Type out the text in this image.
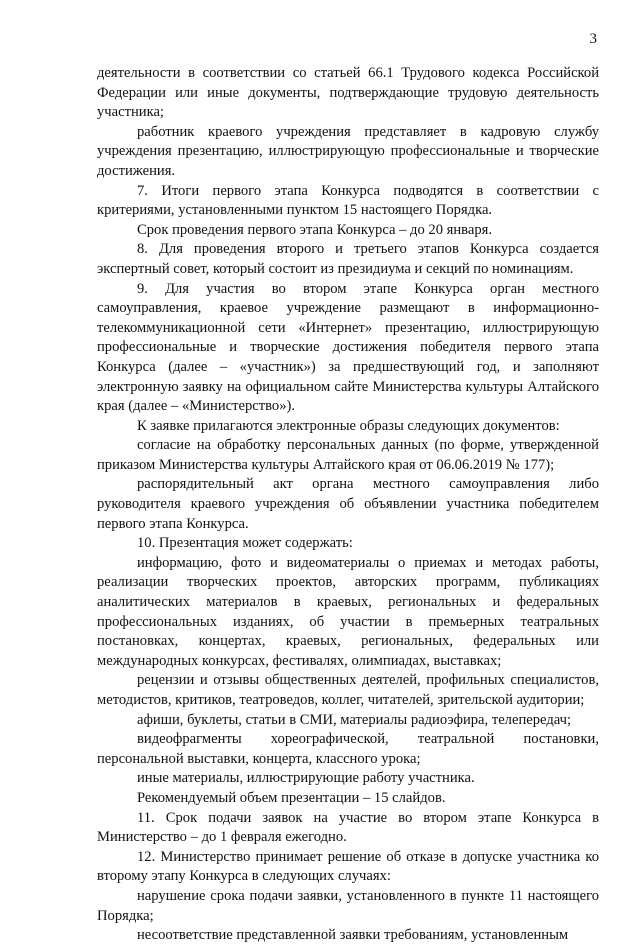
3

деятельности в соответствии со статьей 66.1 Трудового кодекса Российской Федерации или иные документы, подтверждающие трудовую деятельность участника;

работник краевого учреждения представляет в кадровую службу учреждения презентацию, иллюстрирующую профессиональные и творческие достижения.

7. Итоги первого этапа Конкурса подводятся в соответствии с критериями, установленными пунктом 15 настоящего Порядка.

Срок проведения первого этапа Конкурса – до 20 января.

8. Для проведения второго и третьего этапов Конкурса создается экспертный совет, который состоит из президиума и секций по номинациям.

9. Для участия во втором этапе Конкурса орган местного самоуправления, краевое учреждение размещают в информационно-телекоммуникационной сети «Интернет» презентацию, иллюстрирующую профессиональные и творческие достижения победителя первого этапа Конкурса (далее – «участник») за предшествующий год, и заполняют электронную заявку на официальном сайте Министерства культуры Алтайского края (далее – «Министерство»).

К заявке прилагаются электронные образы следующих документов:

согласие на обработку персональных данных (по форме, утвержденной приказом Министерства культуры Алтайского края от 06.06.2019 № 177);

распорядительный акт органа местного самоуправления либо руководителя краевого учреждения об объявлении участника победителем первого этапа Конкурса.

10. Презентация может содержать:

информацию, фото и видеоматериалы о приемах и методах работы, реализации творческих проектов, авторских программ, публикациях аналитических материалов в краевых, региональных и федеральных профессиональных изданиях, об участии в премьерных театральных постановках, концертах, краевых, региональных, федеральных или международных конкурсах, фестивалях, олимпиадах, выставках;

рецензии и отзывы общественных деятелей, профильных специалистов, методистов, критиков, театроведов, коллег, читателей, зрительской аудитории;

афиши, буклеты, статьи в СМИ, материалы радиоэфира, телепередач;

видеофрагменты хореографической, театральной постановки, персональной выставки, концерта, классного урока;

иные материалы, иллюстрирующие работу участника.

Рекомендуемый объем презентации – 15 слайдов.

11. Срок подачи заявок на участие во втором этапе Конкурса в Министерство – до 1 февраля ежегодно.

12. Министерство принимает решение об отказе в допуске участника ко второму этапу Конкурса в следующих случаях:

нарушение срока подачи заявки, установленного в пункте 11 настоящего Порядка;

несоответствие представленной заявки требованиям, установленным
